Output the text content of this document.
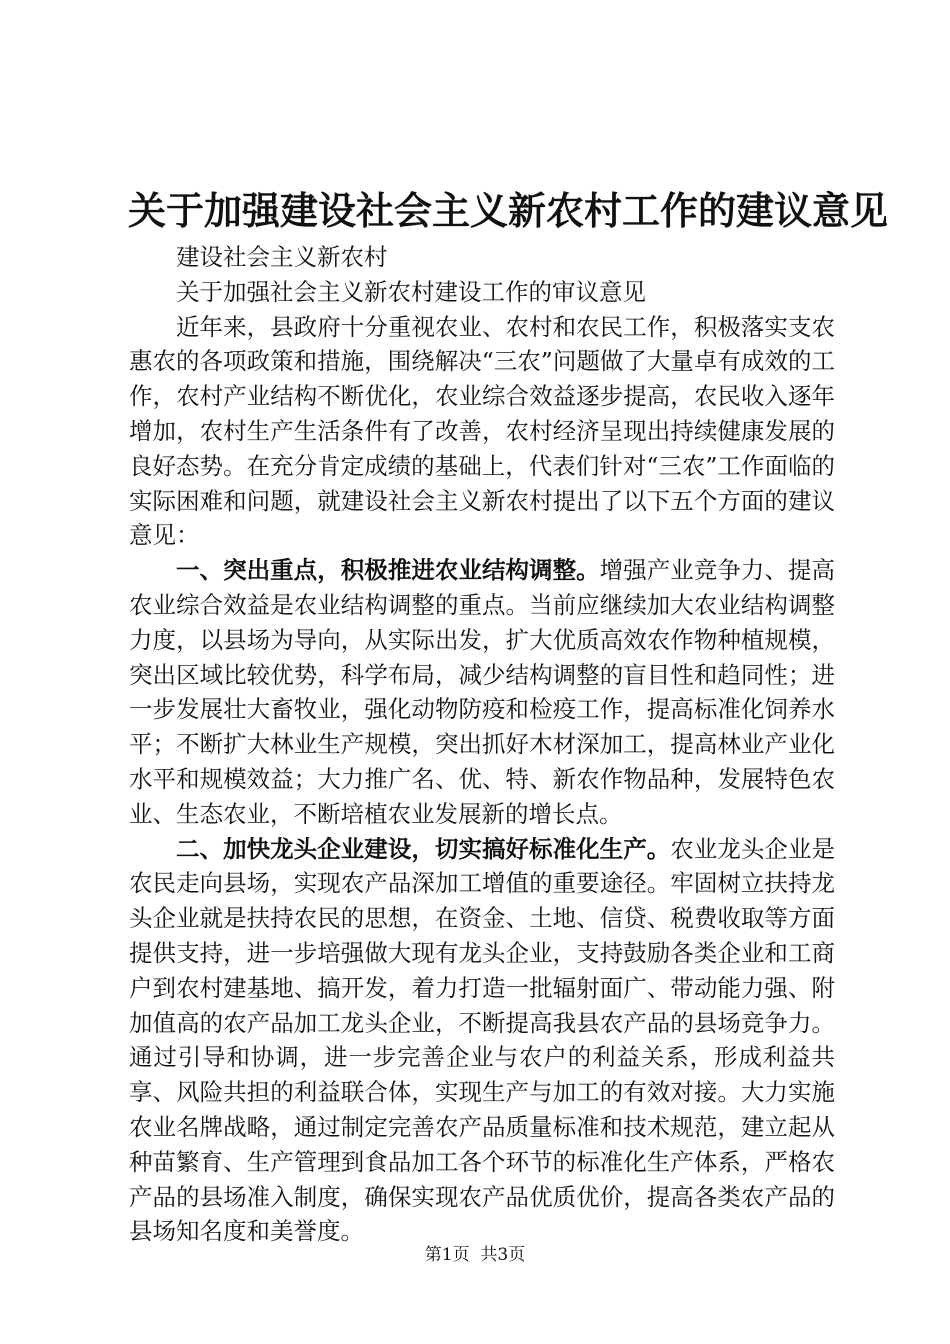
关于加强建设社会主义新农村工作的建议意见

建设社会主义新农村

关于加强社会主义新农村建设工作的审议意见

近年来，县政府十分重视农业、农村和农民工作，积极落实支农惠农的各项政策和措施，围绕解决“三农”问题做了大量卓有成效的工作，农村产业结构不断优化，农业综合效益逐步提高，农民收入逐年增加，农村生产生活条件有了改善，农村经济呈现出持续健康发展的良好态势。在充分肯定成绩的基础上，代表们针对“三农”工作面临的实际困难和问题，就建设社会主义新农村提出了以下五个方面的建议意见：

一、突出重点，积极推进农业结构调整。增强产业竞争力、提高农业综合效益是农业结构调整的重点。当前应继续加大农业结构调整力度，以县场为导向，从实际出发，扩大优质高效农作物种植规模，突出区域比较优势，科学布局，减少结构调整的盲目性和趋同性；进一步发展壮大畜牧业，强化动物防疫和检疫工作，提高标准化饲养水平；不断扩大林业生产规模，突出抓好木材深加工，提高林业产业化水平和规模效益；大力推广名、优、特、新农作物品种，发展特色农业、生态农业，不断培植农业发展新的增长点。

二、加快龙头企业建设，切实搞好标准化生产。农业龙头企业是农民走向县场，实现农产品深加工增值的重要途径。牢固树立扶持龙头企业就是扶持农民的思想，在资金、土地、信贷、税费收取等方面提供支持，进一步培强做大现有龙头企业，支持鼓励各类企业和工商户到农村建基地、搞开发，着力打造一批辐射面广、带动能力强、附加值高的农产品加工龙头企业，不断提高我县农产品的县场竞争力。通过引导和协调，进一步完善企业与农户的利益关系，形成利益共享、风险共担的利益联合体，实现生产与加工的有效对接。大力实施农业名牌战略，通过制定完善农产品质量标准和技术规范，建立起从种苗繁育、生产管理到食品加工各个环节的标准化生产体系，严格农产品的县场准入制度，确保实现农产品优质优价，提高各类农产品的县场知名度和美誉度。

第1页 共3页
